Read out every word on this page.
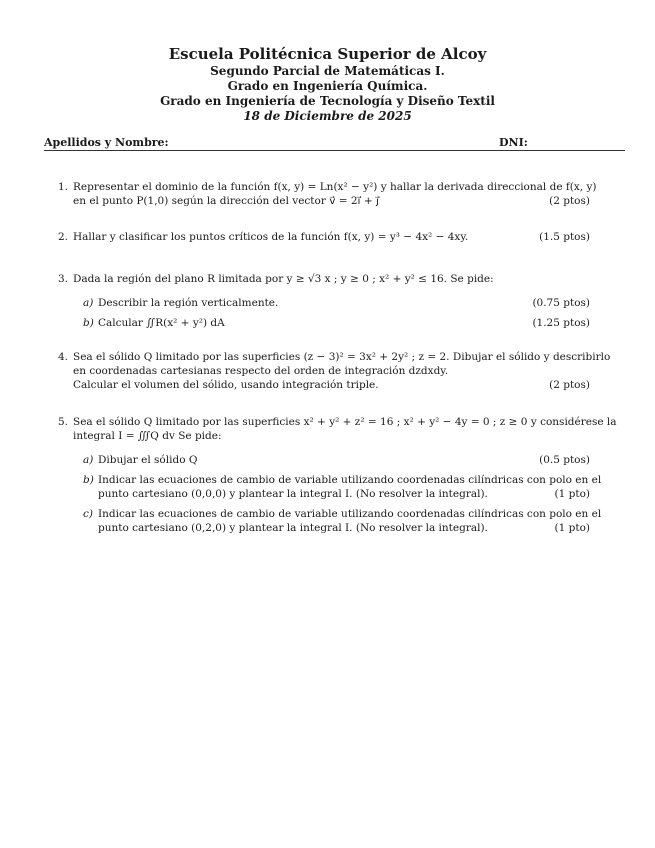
Escuela Politécnica Superior de Alcoy
Segundo Parcial de Matemáticas I.
Grado en Ingeniería Química.
Grado en Ingeniería de Tecnología y Diseño Textil
18 de Diciembre de 2025
Apellidos y Nombre:	DNI:
1. Representar el dominio de la función f(x, y) = Ln(x² − y²) y hallar la derivada direccional de f(x, y)
en el punto P(1,0) según la dirección del vector v⃗ = 2i⃗ + j⃗	(2 ptos)
2. Hallar y clasificar los puntos críticos de la función f(x, y) = y³ − 4x² − 4xy.	(1.5 ptos)
3. Dada la región del plano R limitada por y ≥ √3 x ; y ≥ 0 ; x² + y² ≤ 16. Se pide:
a) Describir la región verticalmente.	(0.75 ptos)
b) Calcular ∬R(x² + y²) dA	(1.25 ptos)
4. Sea el sólido Q limitado por las superficies (z − 3)² = 3x² + 2y² ; z = 2. Dibujar el sólido y describirlo
en coordenadas cartesianas respecto del orden de integración dzdxdy.
Calcular el volumen del sólido, usando integración triple.	(2 ptos)
5. Sea el sólido Q limitado por las superficies x² + y² + z² = 16 ; x² + y² − 4y = 0 ; z ≥ 0 y considérese la
integral I = ∭Q dv Se pide:
a) Dibujar el sólido Q	(0.5 ptos)
b) Indicar las ecuaciones de cambio de variable utilizando coordenadas cilíndricas con polo en el
punto cartesiano (0,0,0) y plantear la integral I. (No resolver la integral).	(1 pto)
c) Indicar las ecuaciones de cambio de variable utilizando coordenadas cilíndricas con polo en el
punto cartesiano (0,2,0) y plantear la integral I. (No resolver la integral).	(1 pto)
